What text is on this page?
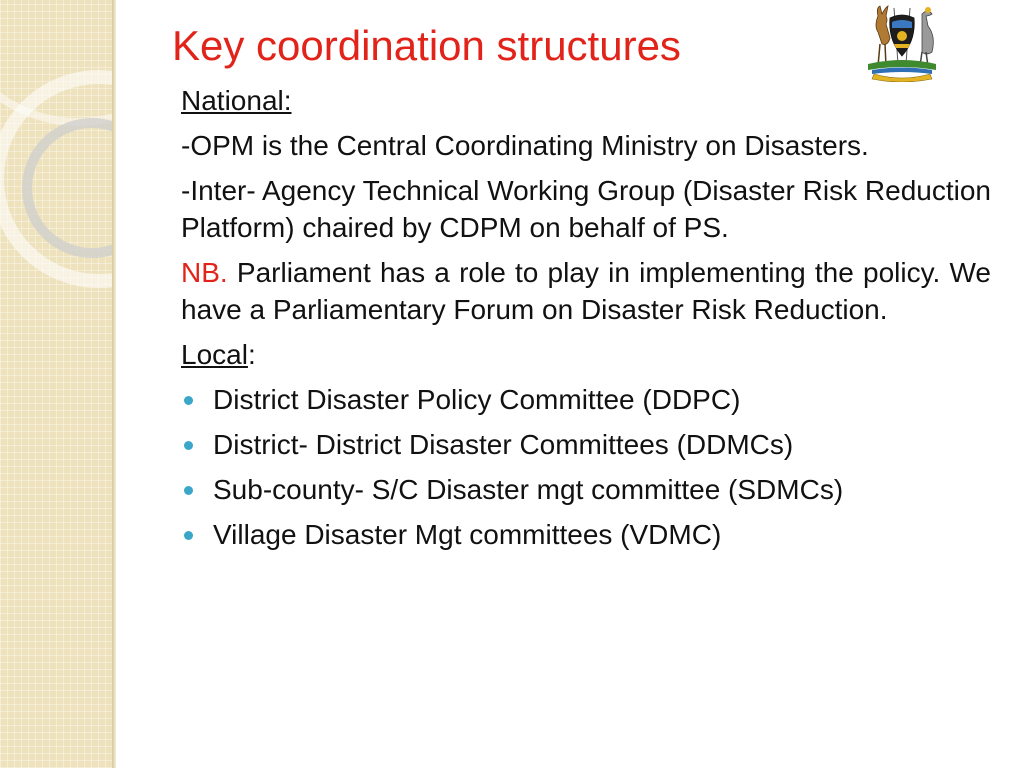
Key coordination structures

National:

-OPM is the Central Coordinating Ministry on Disasters.

-Inter- Agency Technical Working Group (Disaster Risk Reduction Platform) chaired by CDPM on behalf of PS.

NB. Parliament has a role to play in implementing the policy. We have a Parliamentary Forum on Disaster Risk Reduction.

Local:

District Disaster Policy Committee (DDPC)
District- District Disaster Committees (DDMCs)
Sub-county- S/C Disaster mgt committee (SDMCs)
Village Disaster Mgt committees (VDMC)
